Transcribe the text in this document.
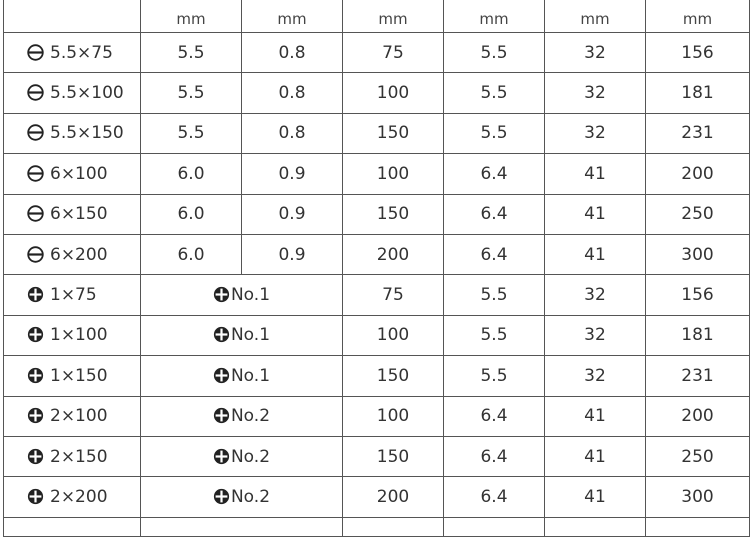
	mm	mm	mm	mm	mm	mm

5.5×75	5.5	0.8	75	5.5	32	156

5.5×100	5.5	0.8	100	5.5	32	181

5.5×150	5.5	0.8	150	5.5	32	231

6×100	6.0	0.9	100	6.4	41	200

6×150	6.0	0.9	150	6.4	41	250

6×200	6.0	0.9	200	6.4	41	300

1×75	No.1		75	5.5	32	156

1×100	No.1		100	5.5	32	181

1×150	No.1		150	5.5	32	231

2×100	No.2		100	6.4	41	200

2×150	No.2		150	6.4	41	250

2×200	No.2		200	6.4	41	300
